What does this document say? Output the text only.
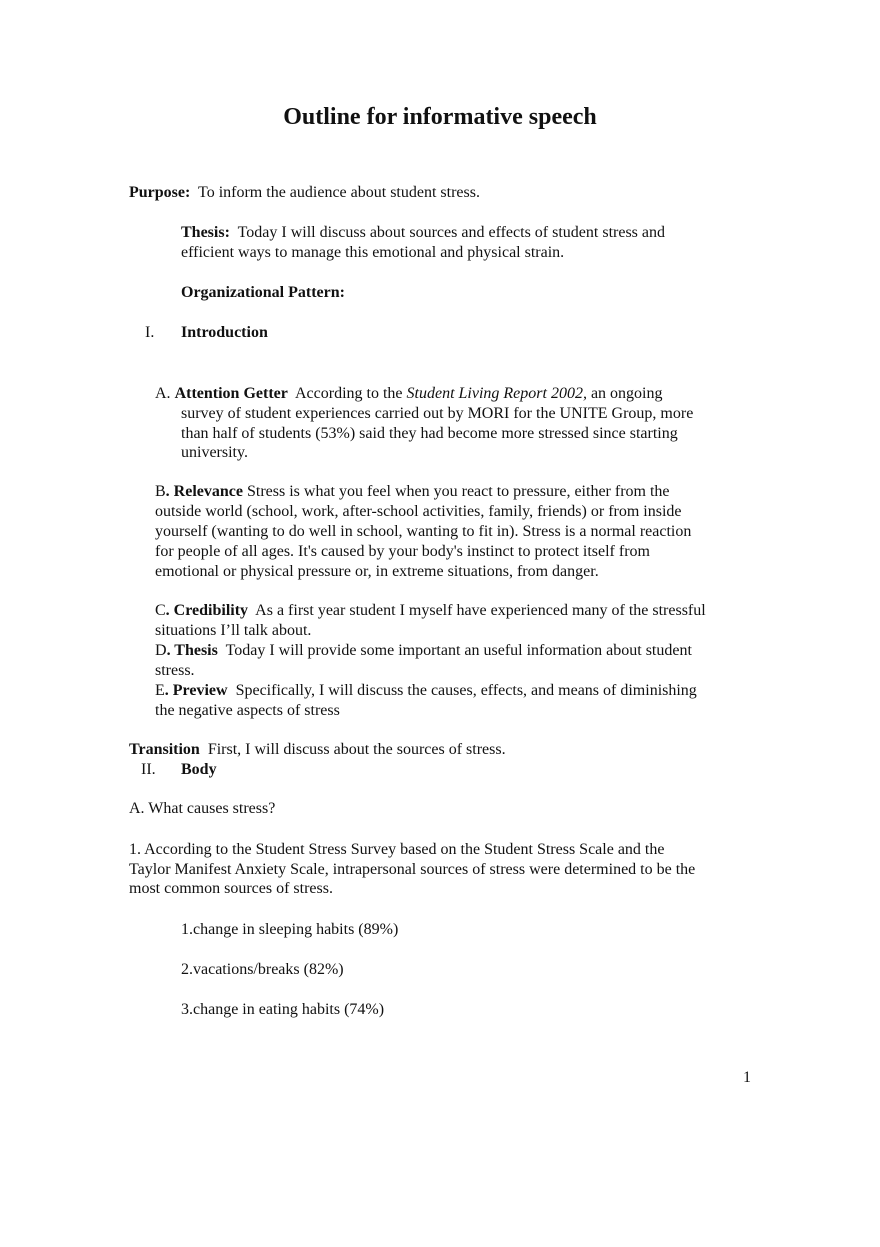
Outline for informative speech
Purpose: To inform the audience about student stress.
Thesis: Today I will discuss about sources and effects of student stress and
efficient ways to manage this emotional and physical strain.
Organizational Pattern:
I. Introduction
A. Attention Getter According to the Student Living Report 2002, an ongoing
survey of student experiences carried out by MORI for the UNITE Group, more
than half of students (53%) said they had become more stressed since starting
university.
B. Relevance Stress is what you feel when you react to pressure, either from the
outside world (school, work, after-school activities, family, friends) or from inside
yourself (wanting to do well in school, wanting to fit in). Stress is a normal reaction
for people of all ages. It's caused by your body's instinct to protect itself from
emotional or physical pressure or, in extreme situations, from danger.
C. Credibility As a first year student I myself have experienced many of the stressful
situations I’ll talk about.
D. Thesis Today I will provide some important an useful information about student
stress.
E. Preview Specifically, I will discuss the causes, effects, and means of diminishing
the negative aspects of stress
Transition First, I will discuss about the sources of stress.
II. Body
A. What causes stress?
1. According to the Student Stress Survey based on the Student Stress Scale and the
Taylor Manifest Anxiety Scale, intrapersonal sources of stress were determined to be the
most common sources of stress.
1.change in sleeping habits (89%)
2.vacations/breaks (82%)
3.change in eating habits (74%)
1
